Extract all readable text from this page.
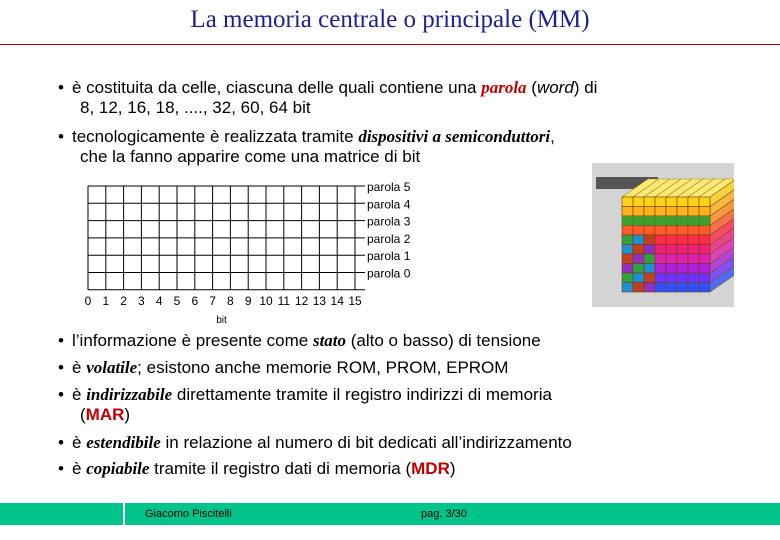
La memoria centrale o principale (MM)
• è costituita da celle, ciascuna delle quali contiene una parola (word) di
8, 12, 16, 18, ...., 32, 60, 64 bit
• tecnologicamente è realizzata tramite dispositivi a semiconduttori,
che la fanno apparire come una matrice di bit
parola 5
parola 4
parola 3
parola 2
parola 1
parola 0
0 1 2 3 4 5 6 7 8 9 10 11 12 13 14 15
bit
• l’informazione è presente come stato (alto o basso) di tensione
• è volatile; esistono anche memorie ROM, PROM, EPROM
• è indirizzabile direttamente tramite il registro indirizzi di memoria
(MAR)
• è estendibile in relazione al numero di bit dedicati all’indirizzamento
• è copiabile tramite il registro dati di memoria (MDR)
Giacomo Piscitelli	pag. 3/30
